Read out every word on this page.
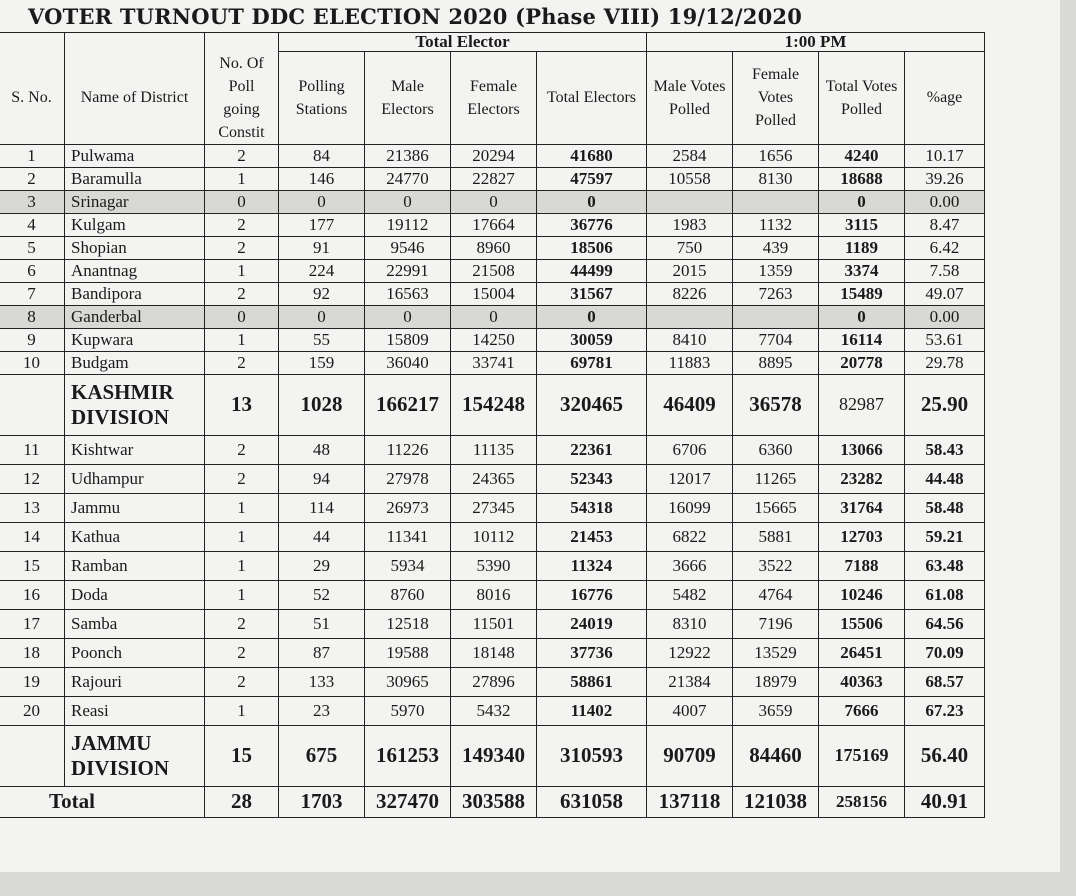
VOTER TURNOUT DDC ELECTION 2020 (Phase VIII) 19/12/2020
			Total Elector				1:00 PM			
S. No.	Name of District	No. Of Poll going Constit	Polling Stations	Male Electors	Female Electors	Total Electors	Male Votes Polled	Female Votes Polled	Total Votes Polled	%age
1	Pulwama	2	84	21386	20294	41680	2584	1656	4240	10.17
2	Baramulla	1	146	24770	22827	47597	10558	8130	18688	39.26
3	Srinagar	0	0	0	0	0			0	0.00
4	Kulgam	2	177	19112	17664	36776	1983	1132	3115	8.47
5	Shopian	2	91	9546	8960	18506	750	439	1189	6.42
6	Anantnag	1	224	22991	21508	44499	2015	1359	3374	7.58
7	Bandipora	2	92	16563	15004	31567	8226	7263	15489	49.07
8	Ganderbal	0	0	0	0	0			0	0.00
9	Kupwara	1	55	15809	14250	30059	8410	7704	16114	53.61
10	Budgam	2	159	36040	33741	69781	11883	8895	20778	29.78
	KASHMIR
DIVISION	13	1028	166217	154248	320465	46409	36578	82987	25.90
11	Kishtwar	2	48	11226	11135	22361	6706	6360	13066	58.43
12	Udhampur	2	94	27978	24365	52343	12017	11265	23282	44.48
13	Jammu	1	114	26973	27345	54318	16099	15665	31764	58.48
14	Kathua	1	44	11341	10112	21453	6822	5881	12703	59.21
15	Ramban	1	29	5934	5390	11324	3666	3522	7188	63.48
16	Doda	1	52	8760	8016	16776	5482	4764	10246	61.08
17	Samba	2	51	12518	11501	24019	8310	7196	15506	64.56
18	Poonch	2	87	19588	18148	37736	12922	13529	26451	70.09
19	Rajouri	2	133	30965	27896	58861	21384	18979	40363	68.57
20	Reasi	1	23	5970	5432	11402	4007	3659	7666	67.23
	JAMMU
DIVISION	15	675	161253	149340	310593	90709	84460	175169	56.40
Total		28	1703	327470	303588	631058	137118	121038	258156	40.91
